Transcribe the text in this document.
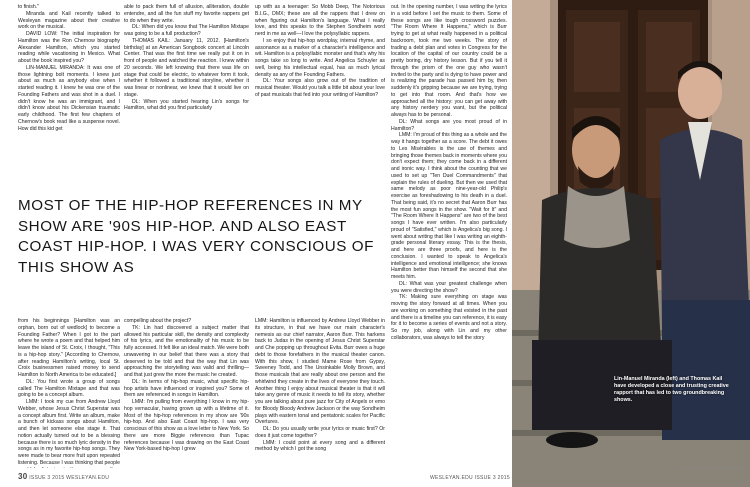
to finish."

Miranda and Kail recently talked to Wesleyan magazine about their creative work on the musical.

DAVID LOW: The initial inspiration for Hamilton was the Ron Chernow biography Alexander Hamilton, which you started reading while vacationing in Mexico. What about the book inspired you?

LIN-MANUEL MIRANDA: It was one of those lightning bolt moments. I knew just about as much as anybody else when I started reading it. I knew he was one of the Founding Fathers and was shot in a duel. I didn't know he was an immigrant, and I didn't know about his Dickensian traumatic early childhood. The first few chapters of Chernow's book read like a suspense novel. How did this kid get

able to pack them full of allusion, alliteration, double entendre, and all the fun stuff my favorite rappers get to do when they write.

DL: When did you know that The Hamilton Mixtape was going to be a full production?

THOMAS KAIL: January 11, 2012. [Hamilton's birthday] at an American Songbook concert at Lincoln Center. That was the first time we really put it on in front of people and watched the reaction. I knew within 20 seconds. We left knowing that there was life on stage that could be electric, to whatever form it took, whether it followed a traditional storyline, whether it was linear or nonlinear, we knew that it would live on stage.

DL: When you started hearing Lin's songs for Hamilton, what did you find particularly

up with as a teenager: So Mobb Deep, The Notorious B.I.G., DMX; these are all the rappers that I drew on when figuring out Hamilton's language. What I really love, and this speaks to the Stephen Sondheim word nerd in me as well—I love the polysyllabic rappers.

I so enjoy that hip-hop wordplay, internal rhyme, and assonance as a marker of a character's intelligence and wit. Hamilton is a polysyllabic monster and that's why his songs take so long to write. And Angelica Schuyler as well, being his intellectual equal, has as much lyrical density as any of the Founding Fathers.

DL: Your songs also grow out of the tradition of musical theater. Would you talk a little bit about your love of past musicals that fed into your writing of Hamilton?

out. In the opening number, I was writing the lyrics in a void before I set the music to them. Some of these songs are like tough crossword puzzles. "The Room Where It Happens," which is Burr trying to get at what really happened in a political backroom, took me two weeks. The story of trading a debt plan and votes in Congress for the location of the capital of our country could be a pretty boring, dry history lesson. But if you tell it through the prism of the one guy who wasn't invited to the party and is dying to have power and is realizing the parade has passed him by, then suddenly it's gripping because we are trying, trying to get into that room. And that's how we approached all the history: you can get away with any history nerdery you want, but the political always has to be personal.

DL: What songs are you most proud of in Hamilton?

LMM: I'm proud of this thing as a whole and the way it hangs together as a score. The debt it owes to Les Misérables is the use of themes and bringing those themes back in moments where you don't expect them; they come back in a different and ironic way. I think about the counting that we used to set up "Ten Duel Commandments" that explain the rules of dueling. But then we used that same melody as poor nine-year-old Philip's exercise as foreshadowing to his death in a duel. That being said, it's no secret that Aaron Burr has the most fun songs in the show. "Wait for It" and "The Room Where It Happens" are two of the best songs I have ever written. I'm also particularly proud of "Satisfied," which is Angelica's big song. I went about writing that like I was writing an eighth-grade personal literary essay. This is the thesis, and here are three proofs, and here is the conclusion. I wanted to speak to Angelica's intelligence and emotional intelligence; she knows Hamilton better than himself the second that she meets him.

DL: What was your greatest challenge when you were directing the show?

TK: Making sure everything on stage was moving the story forward at all times. When you are working on something that existed in the past and there is a timeline you can reference, it is easy for it to become a series of events and not a story. So my job, along with Lin and my other collaborators, was always to tell the story

MOST OF THE HIP-HOP REFERENCES IN MY SHOW ARE '90S HIP-HOP. AND ALSO EAST COAST HIP-HOP. I WAS VERY CONSCIOUS OF THIS SHOW AS

from his beginnings [Hamilton was an orphan, born out of wedlock] to become a Founding Father? When I got to the part where he wrote a poem and that helped him leave the island of St. Croix, I thought, "This is a hip-hop story." [According to Chernow, after reading Hamilton's writing, local St. Croix businessmen raised money to send Hamilton to North America to be educated.]

DL: You first wrote a group of songs called The Hamilton Mixtape and that was going to be a concept album.

LMM: I took my cue from Andrew Lloyd Webber, whose Jesus Christ Superstar was a concept album first. Write an album, make a bunch of kickass songs about Hamilton, and then let someone else stage it. That notion actually turned out to be a blessing because there is so much lyric density in the songs as in my favorite hip-hop songs. They were made to bear more fruit upon repeated listening. Because I was thinking that people

compelling about the project?

TK: Lin had discovered a subject matter that allowed his particular skill, the density and complexity of his lyrics, and the emotionality of his music to be fully accessed. It felt like an ideal match. We were both unwavering in our belief that there was a story that deserved to be told and that the way that Lin was approaching the storytelling was valid and thrilling—and that just grew the more the music he created.

DL: In terms of hip-hop music, what specific hip-hop artists have influenced or inspired you? Some of them are referenced in songs in Hamilton.

LMM: I'm pulling from everything I know in my hip-hop vernacular, having grown up with a lifetime of it. Most of the hip-hop references in my show are '90s hip-hop. And also East Coast hip-hop. I was very conscious of this show as a love letter to New York. So there are more Biggie references than Tupac references because I was drawing on the East Coast New York-based hip-hop I grew

LMM: Hamilton is influenced by Andrew Lloyd Webber in its structure, in that we have our main character's nemesis as our chief narrator, Aaron Burr. This harkens back to Judas in the opening of Jesus Christ Superstar and Che popping up throughout Evita. Burr owes a huge debt to those forefathers in the musical theater canon. With this show, I studied Mame Rose from Gypsy, Sweeney Todd, and The Unsinkable Molly Brown, and those musicals that are really about one person and the whirlwind they create in the lives of everyone they touch. Another thing I enjoy about musical theater is that it will take any genre of music it needs to tell its story, whether you are talking about pure jazz for City of Angels or emo for Bloody Bloody Andrew Jackson or the way Sondheim plays with eastern tonal and pentatonic scales for Pacific Overtures.

DL: Do you usually write your lyrics or music first? Or does it just come together?

LMM: I could point at every song and a different method by which I got the song

30 ISSUE 3 2015 WESLEYAN.EDU	WESLEYAN.EDU ISSUE 3 2015
Lin-Manuel Miranda (left) and Thomas Kail have developed a close and trusting creative rapport that has led to two groundbreaking shows.
PHOTO BY PAULA VARGAS BARRETO
